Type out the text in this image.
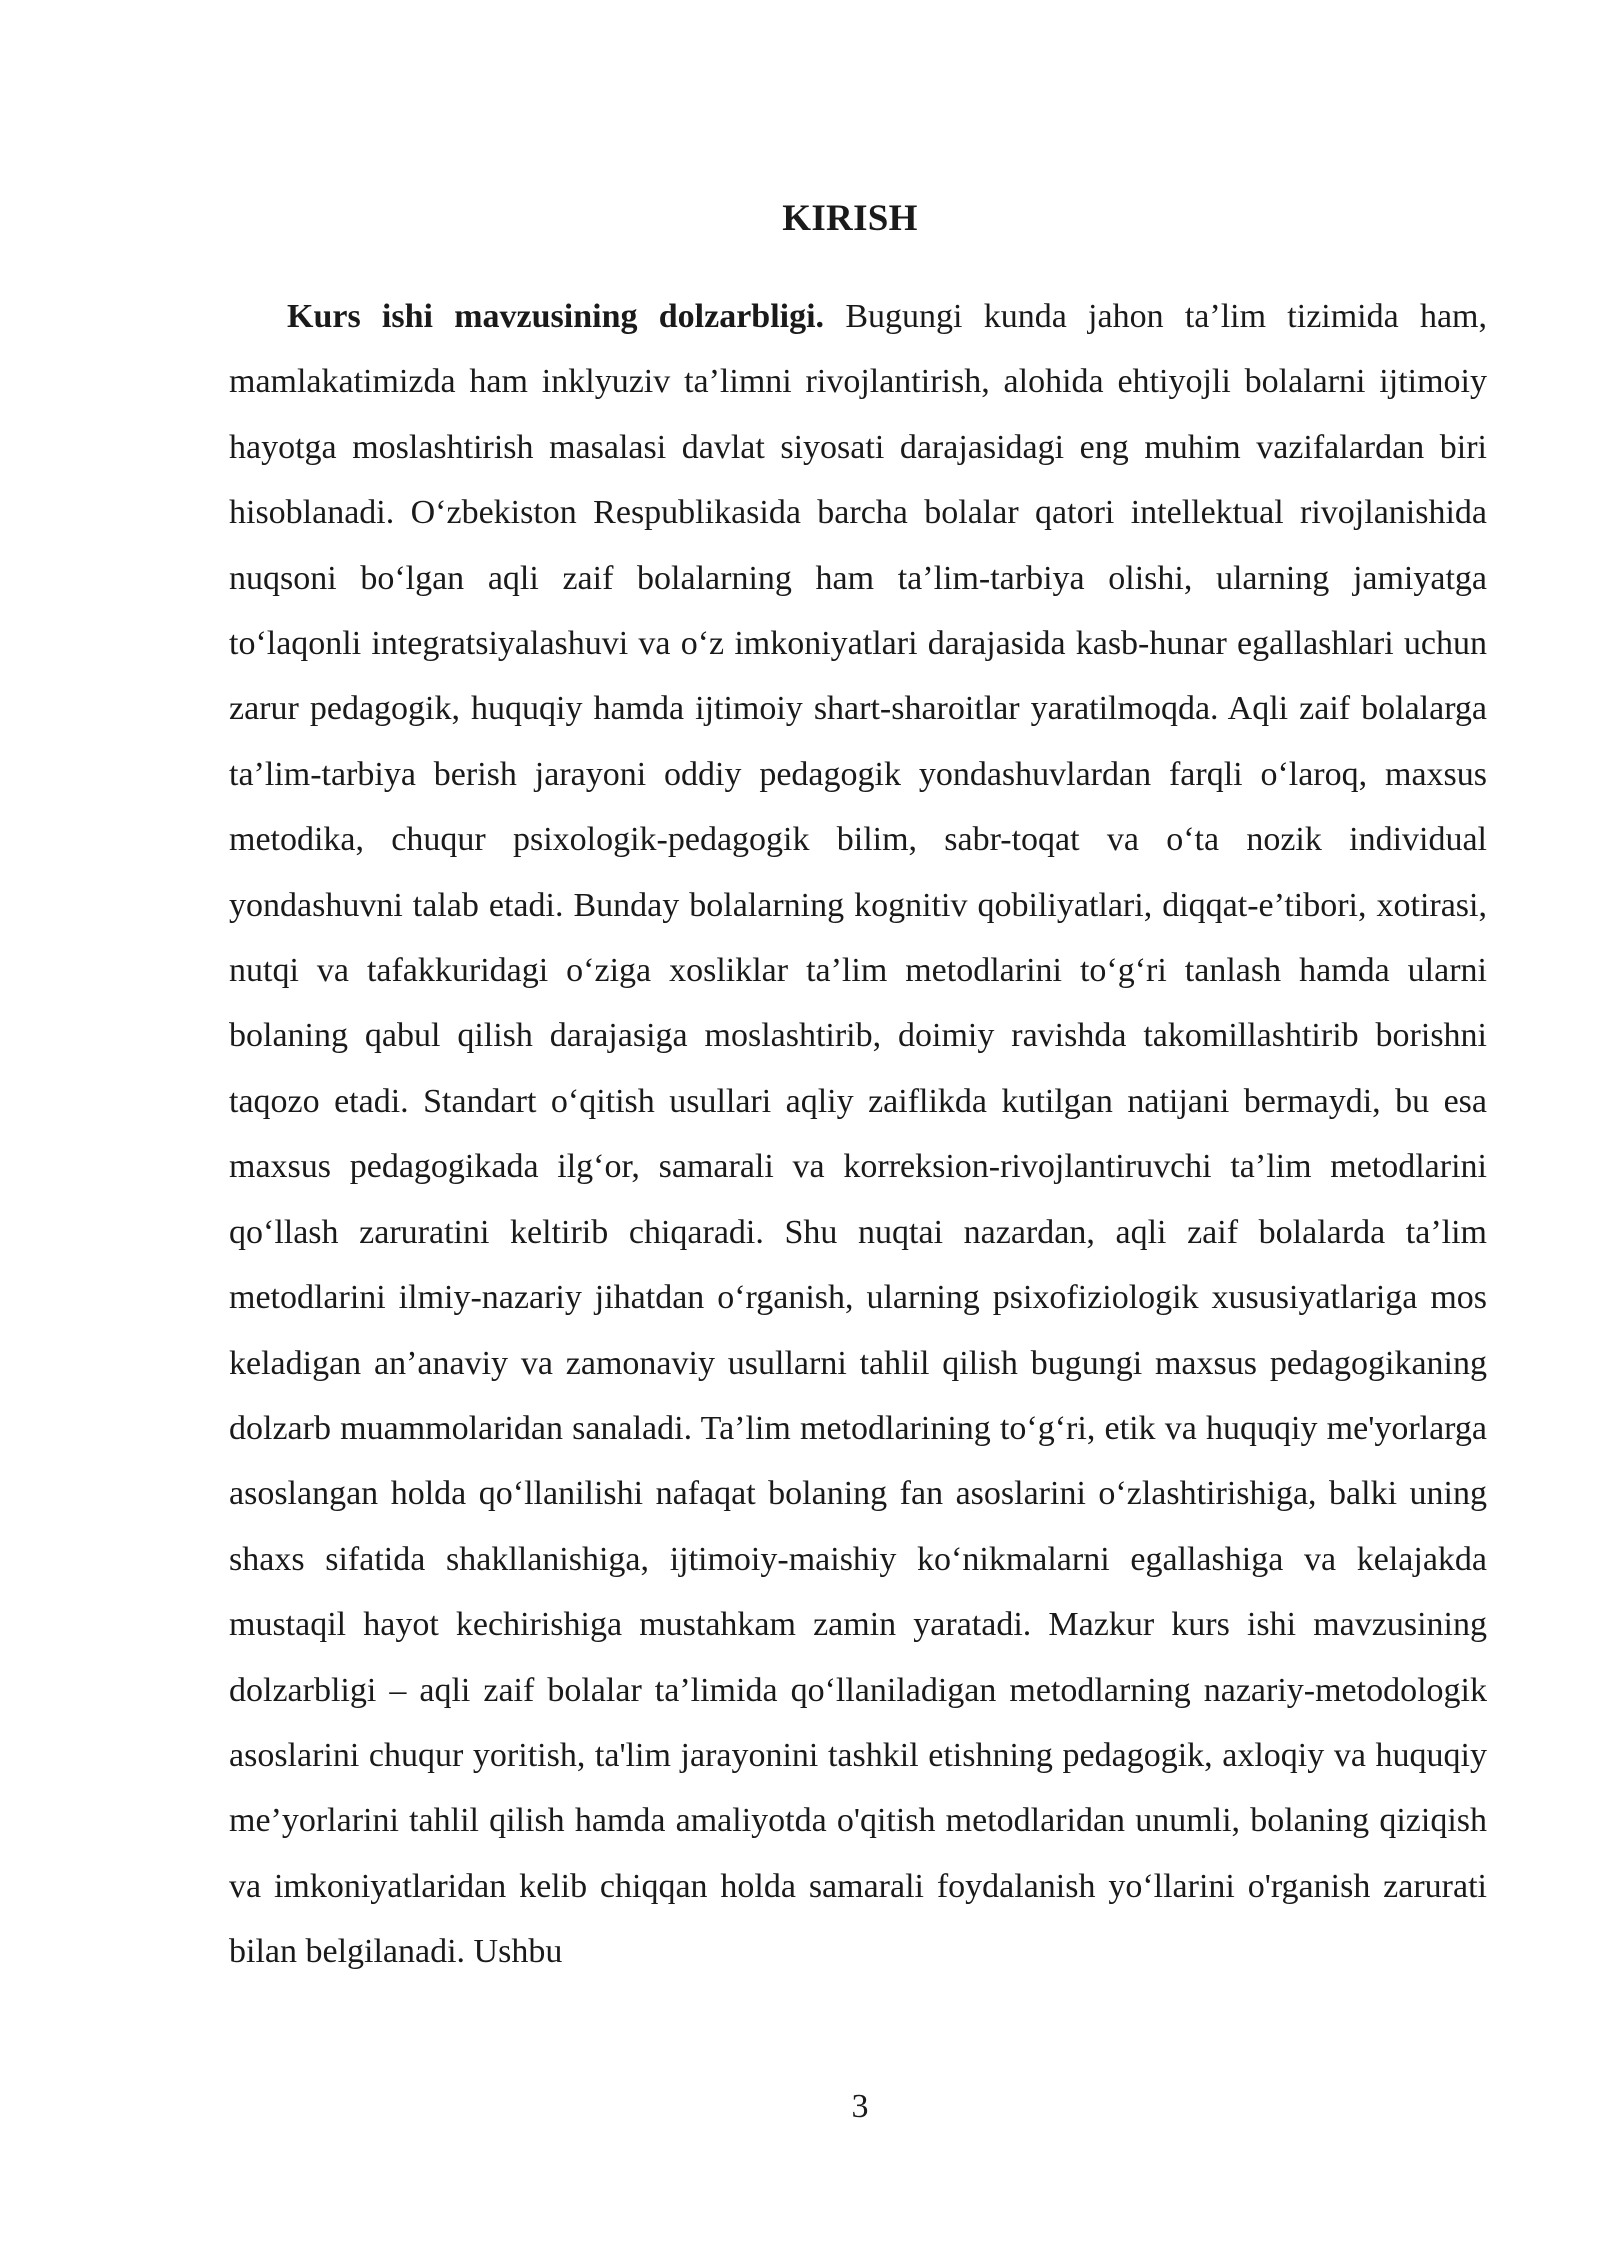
KIRISH

Kurs ishi mavzusining dolzarbligi. Bugungi kunda jahon ta’lim tizimida ham, mamlakatimizda ham inklyuziv ta’limni rivojlantirish, alohida ehtiyojli bolalarni ijtimoiy hayotga moslashtirish masalasi davlat siyosati darajasidagi eng muhim vazifalardan biri hisoblanadi. O‘zbekiston Respublikasida barcha bolalar qatori intellektual rivojlanishida nuqsoni bo‘lgan aqli zaif bolalarning ham ta’lim-tarbiya olishi, ularning jamiyatga to‘laqonli integratsiyalashuvi va o‘z imkoniyatlari darajasida kasb-hunar egallashlari uchun zarur pedagogik, huquqiy hamda ijtimoiy shart-sharoitlar yaratilmoqda. Aqli zaif bolalarga ta’lim-tarbiya berish jarayoni oddiy pedagogik yondashuvlardan farqli o‘laroq, maxsus metodika, chuqur psixologik-pedagogik bilim, sabr-toqat va o‘ta nozik individual yondashuvni talab etadi. Bunday bolalarning kognitiv qobiliyatlari, diqqat-e’tibori, xotirasi, nutqi va tafakkuridagi o‘ziga xosliklar ta’lim metodlarini to‘g‘ri tanlash hamda ularni bolaning qabul qilish darajasiga moslashtirib, doimiy ravishda takomillashtirib borishni taqozo etadi. Standart o‘qitish usullari aqliy zaiflikda kutilgan natijani bermaydi, bu esa maxsus pedagogikada ilg‘or, samarali va korreksion-rivojlantiruvchi ta’lim metodlarini qo‘llash zaruratini keltirib chiqaradi. Shu nuqtai nazardan, aqli zaif bolalarda ta’lim metodlarini ilmiy-nazariy jihatdan o‘rganish, ularning psixofiziologik xususiyatlariga mos keladigan an’anaviy va zamonaviy usullarni tahlil qilish bugungi maxsus pedagogikaning dolzarb muammolaridan sanaladi. Ta’lim metodlarining to‘g‘ri, etik va huquqiy me'yorlarga asoslangan holda qo‘llanilishi nafaqat bolaning fan asoslarini o‘zlashtirishiga, balki uning shaxs sifatida shakllanishiga, ijtimoiy-maishiy ko‘nikmalarni egallashiga va kelajakda mustaqil hayot kechirishiga mustahkam zamin yaratadi. Mazkur kurs ishi mavzusining dolzarbligi – aqli zaif bolalar ta’limida qo‘llaniladigan metodlarning nazariy-metodologik asoslarini chuqur yoritish, ta'lim jarayonini tashkil etishning pedagogik, axloqiy va huquqiy me’yorlarini tahlil qilish hamda amaliyotda o'qitish metodlaridan unumli, bolaning qiziqish va imkoniyatlaridan kelib chiqqan holda samarali foydalanish yo‘llarini o'rganish zarurati bilan belgilanadi. Ushbu

3
